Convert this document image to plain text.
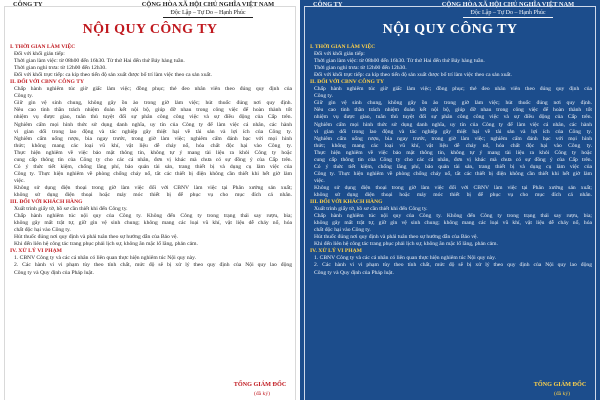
CÔNG TY	CỘNG HÒA XÃ HỘI CHỦ NGHĨA VIỆT NAM
Độc Lập – Tự Do – Hạnh Phúc
NỘI QUY CÔNG TY
I. THỜI GIAN LÀM VIỆC
Đối với khối gián tiếp:
Thời gian làm việc: từ 08h00 đến 16h30. Từ thứ Hai đến thứ Bảy hàng tuần.
Thời gian nghỉ trưa: từ 12h00 đến 12h30.
Đối với khối trực tiếp: ca kíp theo tiến độ sản xuất được bố trí làm việc theo ca sản xuất.
II. ĐỐI VỚI CBNV CÔNG TY
Chấp hành nghiêm túc giờ giấc làm việc; đồng phục; thẻ đeo nhân viên theo đúng quy định của
Công ty.
Giữ gìn vệ sinh chung, không gây ồn ào trong giờ làm việc; hút thuốc đúng nơi quy định.
Nêu cao tinh thần trách nhiệm đoàn kết nội bộ, giúp đỡ nhau trong công việc để hoàn thành tốt
nhiệm vụ được giao, tuân thủ tuyệt đối sự phân công công việc và sự điều động của Cấp trên.
Nghiêm cấm mọi hình thức sử dụng danh nghĩa, uy tín của Công ty để làm việc cá nhân, các hành
vi gian dối trong lao động và tác nghiệp gây thiệt hại về tài sản và lợi ích của Công ty.
Nghiêm cấm uống rượu, bia ngay trước, trong giờ làm việc; nghiêm cấm đánh bạc với mọi hình
thức; không mang các loại vũ khí, vật liệu dễ cháy nổ, hóa chất độc hại vào Công ty.
Thực hiện nghiêm về việc bảo mật thông tin, không tự ý mang tài liệu ra khỏi Công ty hoặc
cung cấp thông tin của Công ty cho các cá nhân, đơn vị khác mà chưa có sự đồng ý của Cấp trên.
Có ý thức tiết kiệm, chống lãng phí, bảo quản tài sản, trang thiết bị và dụng cụ làm việc của
Công ty. Thực hiện nghiêm về phòng chống cháy nổ, tắt các thiết bị điện không cần thiết khi hết giờ làm
việc.
Không sử dụng điện thoại trong giờ làm việc đối với CBNV làm việc tại Phân xưởng sản xuất;
không sử dụng điện thoại hoặc máy móc thiết bị để phục vụ cho mục đích cá nhân.
III. ĐỐI VỚI KHÁCH HÀNG
Xuất trình giấy tờ, hồ sơ cần thiết khi đến Công ty.
Chấp hành nghiêm túc nội quy của Công ty. Không đến Công ty trong trạng thái say rượu, bia;
không gây mất trật tự, giữ gìn vệ sinh chung; không mang các loại vũ khí, vật liệu dễ cháy nổ, hóa
chất độc hại vào Công ty.
Hút thuốc đúng nơi quy định và phải tuân theo sự hướng dẫn của Bảo vệ.
Khi đến liên hệ công tác trang phục phải lịch sự, không ăn mặc lố lăng, phản cảm.
IV. XỬ LÝ VI PHẠM
1. CBNV Công ty và các cá nhân có liên quan thực hiện nghiêm túc Nội quy này.
2. Các hành vi vi phạm tùy theo tính chất, mức độ sẽ bị xử lý theo quy định của Nội quy lao động
Công ty và Quy định của Pháp luật.
TỔNG GIÁM ĐỐC
(đã ký)
CÔNG TY	CỘNG HÒA XÃ HỘI CHỦ NGHĨA VIỆT NAM
Độc Lập – Tự Do – Hạnh Phúc
NỘI QUY CÔNG TY
I. THỜI GIAN LÀM VIỆC
Đối với khối gián tiếp:
Thời gian làm việc: từ 08h00 đến 16h30. Từ thứ Hai đến thứ Bảy hàng tuần.
Thời gian nghỉ trưa: từ 12h00 đến 12h30.
Đối với khối trực tiếp: ca kíp theo tiến độ sản xuất được bố trí làm việc theo ca sản xuất.
II. ĐỐI VỚI CBNV CÔNG TY
Chấp hành nghiêm túc giờ giấc làm việc; đồng phục; thẻ đeo nhân viên theo đúng quy định của
Công ty.
Giữ gìn vệ sinh chung, không gây ồn ào trong giờ làm việc; hút thuốc đúng nơi quy định.
Nêu cao tinh thần trách nhiệm đoàn kết nội bộ, giúp đỡ nhau trong công việc để hoàn thành tốt
nhiệm vụ được giao, tuân thủ tuyệt đối sự phân công công việc và sự điều động của Cấp trên.
Nghiêm cấm mọi hình thức sử dụng danh nghĩa, uy tín của Công ty để làm việc cá nhân, các hành
vi gian dối trong lao động và tác nghiệp gây thiệt hại về tài sản và lợi ích của Công ty.
Nghiêm cấm uống rượu, bia ngay trước, trong giờ làm việc; nghiêm cấm đánh bạc với mọi hình
thức; không mang các loại vũ khí, vật liệu dễ cháy nổ, hóa chất độc hại vào Công ty.
Thực hiện nghiêm về việc bảo mật thông tin, không tự ý mang tài liệu ra khỏi Công ty hoặc
cung cấp thông tin của Công ty cho các cá nhân, đơn vị khác mà chưa có sự đồng ý của Cấp trên.
Có ý thức tiết kiệm, chống lãng phí, bảo quản tài sản, trang thiết bị và dụng cụ làm việc của
Công ty. Thực hiện nghiêm về phòng chống cháy nổ, tắt các thiết bị điện không cần thiết khi hết giờ làm
việc.
Không sử dụng điện thoại trong giờ làm việc đối với CBNV làm việc tại Phân xưởng sản xuất;
không sử dụng điện thoại hoặc máy móc thiết bị để phục vụ cho mục đích cá nhân.
III. ĐỐI VỚI KHÁCH HÀNG
Xuất trình giấy tờ, hồ sơ cần thiết khi đến Công ty.
Chấp hành nghiêm túc nội quy của Công ty. Không đến Công ty trong trạng thái say rượu, bia;
không gây mất trật tự, giữ gìn vệ sinh chung; không mang các loại vũ khí, vật liệu dễ cháy nổ, hóa
chất độc hại vào Công ty.
Hút thuốc đúng nơi quy định và phải tuân theo sự hướng dẫn của Bảo vệ.
Khi đến liên hệ công tác trang phục phải lịch sự, không ăn mặc lố lăng, phản cảm.
IV. XỬ LÝ VI PHẠM
1. CBNV Công ty và các cá nhân có liên quan thực hiện nghiêm túc Nội quy này.
2. Các hành vi vi phạm tùy theo tính chất, mức độ sẽ bị xử lý theo quy định của Nội quy lao động
Công ty và Quy định của Pháp luật.
TỔNG GIÁM ĐỐC
(đã ký)
